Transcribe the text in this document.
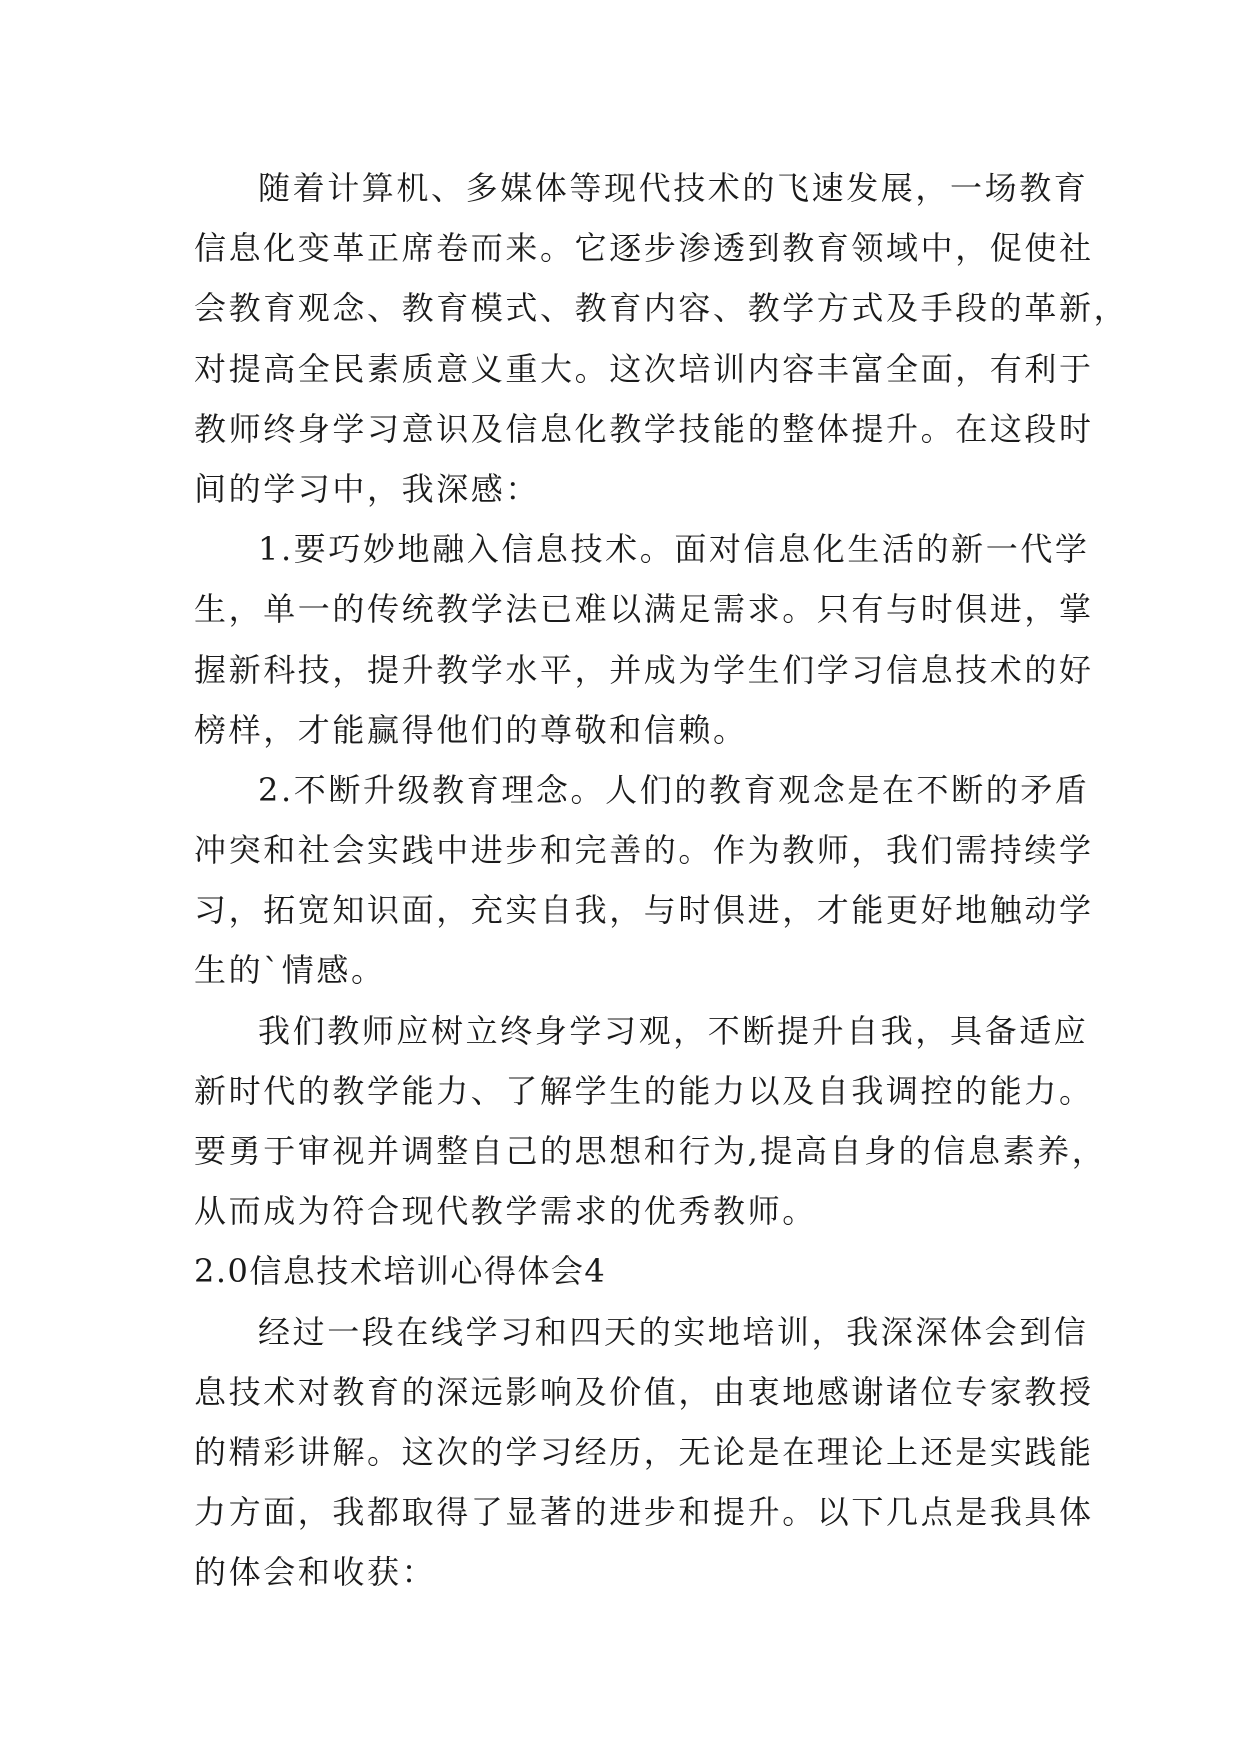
随着计算机、多媒体等现代技术的飞速发展，一场教育
信息化变革正席卷而来。它逐步渗透到教育领域中，促使社
会教育观念、教育模式、教育内容、教学方式及手段的革新，
对提高全民素质意义重大。这次培训内容丰富全面，有利于
教师终身学习意识及信息化教学技能的整体提升。在这段时
间的学习中，我深感：
1.要巧妙地融入信息技术。面对信息化生活的新一代学
生，单一的传统教学法已难以满足需求。只有与时俱进，掌
握新科技，提升教学水平，并成为学生们学习信息技术的好
榜样，才能赢得他们的尊敬和信赖。
2.不断升级教育理念。人们的教育观念是在不断的矛盾
冲突和社会实践中进步和完善的。作为教师，我们需持续学
习，拓宽知识面，充实自我，与时俱进，才能更好地触动学
生的`情感。
我们教师应树立终身学习观，不断提升自我，具备适应
新时代的教学能力、了解学生的能力以及自我调控的能力。
要勇于审视并调整自己的思想和行为,提高自身的信息素养，
从而成为符合现代教学需求的优秀教师。
2.0信息技术培训心得体会4
经过一段在线学习和四天的实地培训，我深深体会到信
息技术对教育的深远影响及价值，由衷地感谢诸位专家教授
的精彩讲解。这次的学习经历，无论是在理论上还是实践能
力方面，我都取得了显著的进步和提升。以下几点是我具体
的体会和收获：
